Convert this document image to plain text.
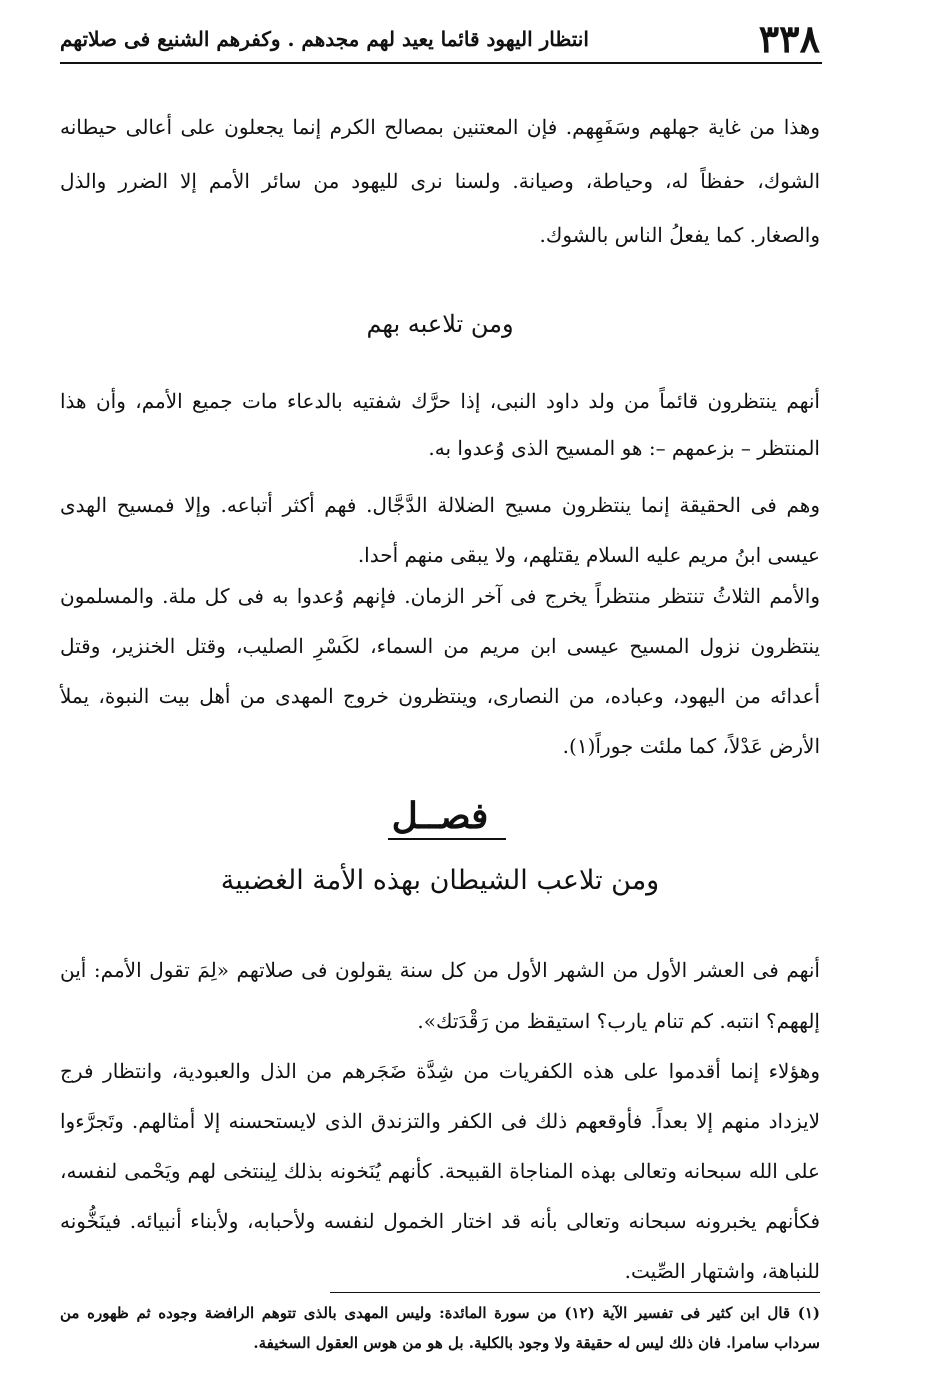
٣٣٨
انتظار اليهود قائما يعيد لهم مجدهم . وكفرهم الشنيع فى صلاتهم
وهذا من غاية جهلهم وسَفَهِهم. فإن المعتنين بمصالح الكرم إنما يجعلون على أعالى حيطانه الشوك، حفظاً له، وحياطة، وصيانة. ولسنا نرى لليهود من سائر الأمم إلا الضرر والذل والصغار. كما يفعلُ الناس بالشوك.
ومن تلاعبه بهم
أنهم ينتظرون قائماً من ولد داود النبى، إذا حرَّك شفتيه بالدعاء مات جميع الأمم، وأن هذا المنتظر – بزعمهم –: هو المسيح الذى وُعدوا به.
وهم فى الحقيقة إنما ينتظرون مسيح الضلالة الدَّجَّال. فهم أكثر أتباعه. وإلا فمسيح الهدى عيسى ابنُ مريم عليه السلام يقتلهم، ولا يبقى منهم أحدا.
والأمم الثلاثُ تنتظر منتظراً يخرج فى آخر الزمان. فإنهم وُعدوا به فى كل ملة. والمسلمون ينتظرون نزول المسيح عيسى ابن مريم من السماء، لكَسْرِ الصليب، وقتل الخنزير، وقتل أعدائه من اليهود، وعباده، من النصارى، وينتظرون خروج المهدى من أهل بيت النبوة، يملأ الأرض عَدْلاً، كما ملئت جوراً(١).
فصــل
ومن تلاعب الشيطان بهذه الأمة الغضبية
أنهم فى العشر الأول من الشهر الأول من كل سنة يقولون فى صلاتهم «لِمَ تقول الأمم: أين إلههم؟ انتبه. كم تنام يارب؟ استيقظ من رَقْدَتك».
وهؤلاء إنما أقدموا على هذه الكفريات من شِدَّة ضَجَرهم من الذل والعبودية، وانتظار فرج لايزداد منهم إلا بعداً. فأوقعهم ذلك فى الكفر والتزندق الذى لايستحسنه إلا أمثالهم. وتَجرَّءوا على الله سبحانه وتعالى بهذه المناجاة القبيحة. كأنهم يُنَخونه بذلك لِينتخى لهم ويَحْمى لنفسه، فكأنهم يخبرونه سبحانه وتعالى بأنه قد اختار الخمول لنفسه ولأحبابه، ولأبناء أنبيائه. فينَخُّونه للنباهة، واشتهار الصِّيت.
(١) قال ابن كثير فى تفسير الآية (١٢) من سورة المائدة: وليس المهدى بالذى تتوهم الرافضة وجوده ثم ظهوره من سرداب سامرا. فان ذلك ليس له حقيقة ولا وجود بالكلية. بل هو من هوس العقول السخيفة.
